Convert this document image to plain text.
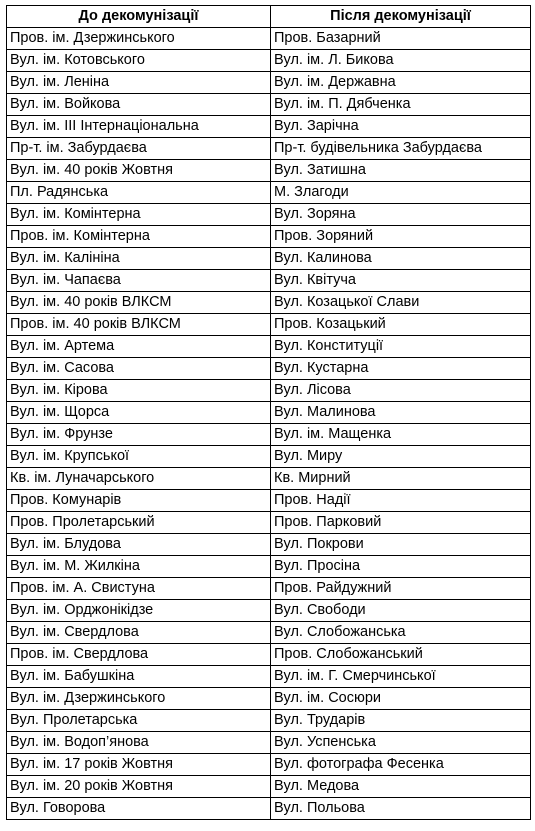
До декомунізації	Після декомунізації
Пров. ім. Дзержинського	Пров. Базарний
Вул. ім. Котовського	Вул. ім. Л. Бикова
Вул. ім. Леніна	Вул. ім. Державна
Вул. ім. Войкова	Вул. ім. П. Дябченка
Вул. ім. ІІІ Інтернаціональна	Вул. Зарічна
Пр-т. ім. Забурдаєва	Пр-т. будівельника Забурдаєва
Вул. ім. 40 років Жовтня	Вул. Затишна
Пл. Радянська	М. Злагоди
Вул. ім. Комінтерна	Вул. Зоряна
Пров. ім. Комінтерна	Пров. Зоряний
Вул. ім. Калініна	Вул. Калинова
Вул. ім. Чапаєва	Вул. Квітуча
Вул. ім. 40 років ВЛКСМ	Вул. Козацької Слави
Пров. ім. 40 років ВЛКСМ	Пров. Козацький
Вул. ім. Артема	Вул. Конституції
Вул. ім. Сасова	Вул. Кустарна
Вул. ім. Кірова	Вул. Лісова
Вул. ім. Щорса	Вул. Малинова
Вул. ім. Фрунзе	Вул. ім. Мащенка
Вул. ім. Крупської	Вул. Миру
Кв. ім. Луначарського	Кв. Мирний
Пров. Комунарів	Пров. Надії
Пров. Пролетарський	Пров. Парковий
Вул. ім. Блудова	Вул. Покрови
Вул. ім. М. Жилкіна	Вул. Просіна
Пров. ім. А. Свистуна	Пров. Райдужний
Вул. ім. Орджонікідзе	Вул. Свободи
Вул. ім. Свердлова	Вул. Слобожанська
Пров. ім. Свердлова	Пров. Слобожанський
Вул. ім. Бабушкіна	Вул. ім. Г. Смерчинської
Вул. ім. Дзержинського	Вул. ім. Сосюри
Вул. Пролетарська	Вул. Трударів
Вул. ім. Водоп’янова	Вул. Успенська
Вул. ім. 17 років Жовтня	Вул. фотографа Фесенка
Вул. ім. 20 років Жовтня	Вул. Медова
Вул. Говорова	Вул. Польова
